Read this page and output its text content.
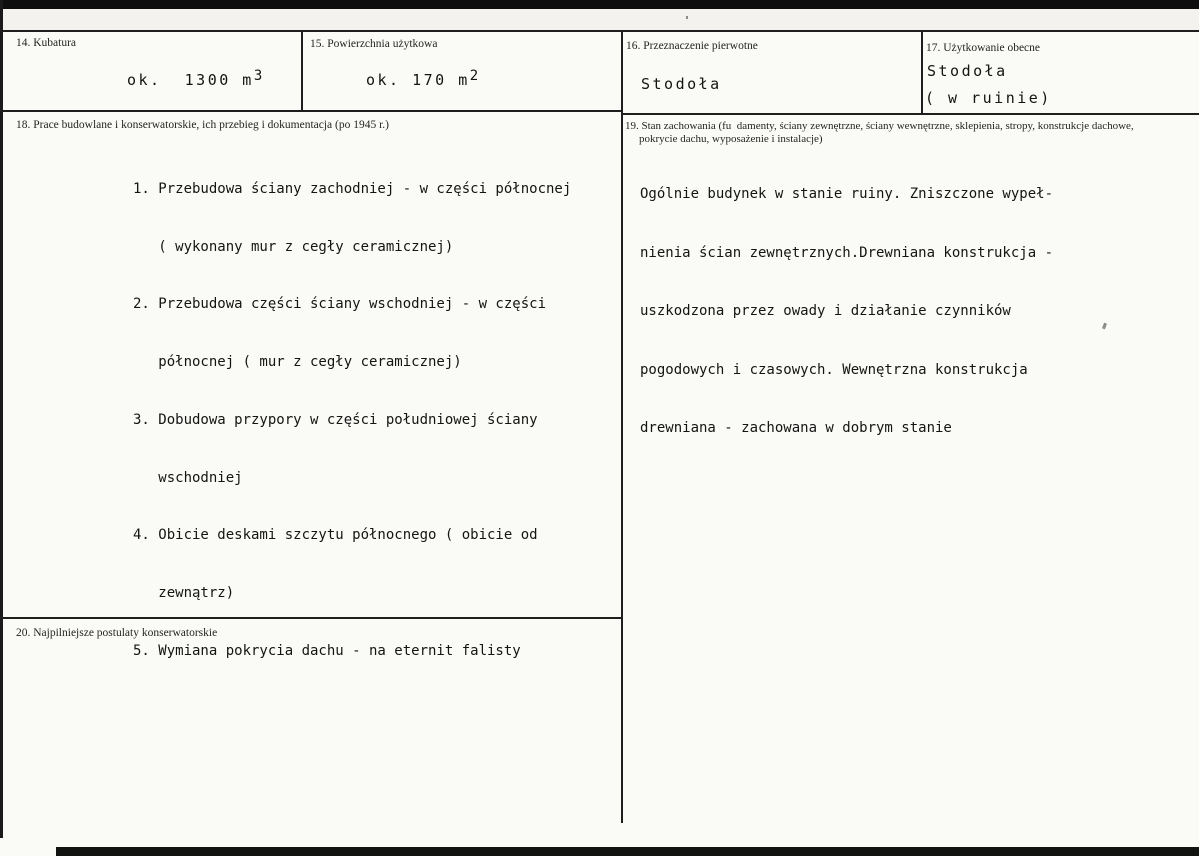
14. Kubatura
ok.  1300 m3
15. Powierzchnia użytkowa
ok. 170 m2
16. Przeznaczenie pierwotne
Stodoła
17. Użytkowanie obecne
Stodoła
( w ruinie)
18. Prace budowlane i konserwatorskie, ich przebieg i dokumentacja (po 1945 r.)

1. Przebudowa ściany zachodniej - w części północnej

( wykonany mur z cegły ceramicznej)

2. Przebudowa części ściany wschodniej - w części

północnej ( mur z cegły ceramicznej)

3. Dobudowa przypory w części południowej ściany

wschodniej

4. Obicie deskami szczytu północnego ( obicie od

zewnątrz)

5. Wymiana pokrycia dachu - na eternit falisty

19. Stan zachowania (fu  damenty, ściany zewnętrzne, ściany wewnętrzne, sklepienia, stropy, konstrukcje dachowe,
pokrycie dachu, wyposażenie i instalacje)

Ogólnie budynek w stanie ruiny. Zniszczone wypeł-

nienia ścian zewnętrznych.Drewniana konstrukcja -

uszkodzona przez owady i działanie czynników

pogodowych i czasowych. Wewnętrzna konstrukcja

drewniana - zachowana w dobrym stanie

20. Najpilniejsze postulaty konserwatorskie
